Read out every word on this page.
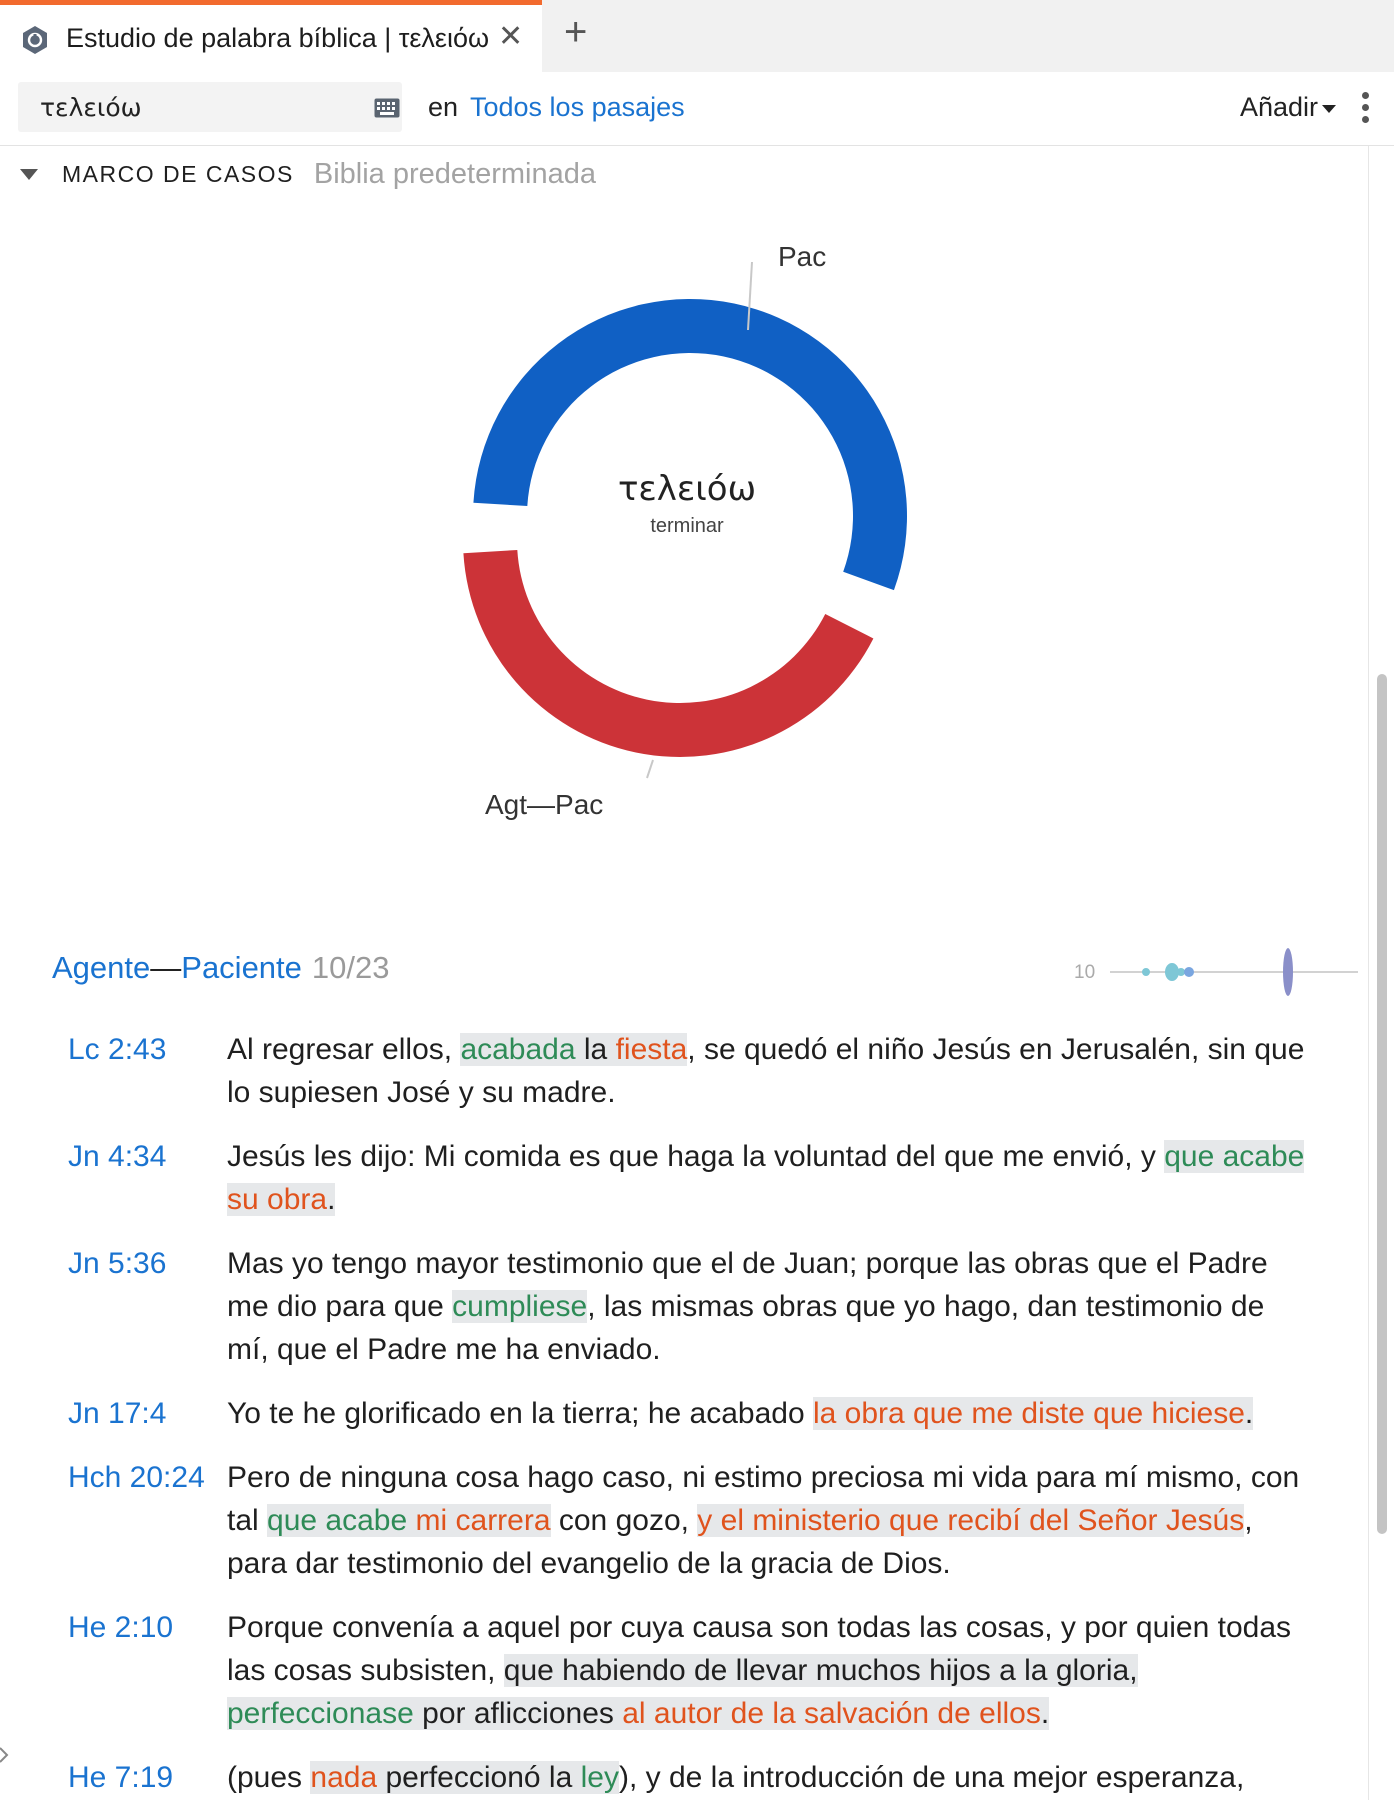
Estudio de palabra bíblica | τελειόω ✕ +
τελειόω
en Todos los pasajes	Añadir
MARCO DE CASOS Biblia predeterminada
Pac
Agt—Pac
τελειόω
terminar
Agente—Paciente 10/23	10
Lc 2:43 Al regresar ellos, acabada la fiesta, se quedó el niño Jesús en Jerusalén, sin que lo supiesen José y su madre.
Jn 4:34 Jesús les dijo: Mi comida es que haga la voluntad del que me envió, y que acabe su obra.
Jn 5:36 Mas yo tengo mayor testimonio que el de Juan; porque las obras que el Padre me dio para que cumpliese, las mismas obras que yo hago, dan testimonio de mí, que el Padre me ha enviado.
Jn 17:4 Yo te he glorificado en la tierra; he acabado la obra que me diste que hiciese.
Hch 20:24 Pero de ninguna cosa hago caso, ni estimo preciosa mi vida para mí mismo, con tal que acabe mi carrera con gozo, y el ministerio que recibí del Señor Jesús, para dar testimonio del evangelio de la gracia de Dios.
He 2:10 Porque convenía a aquel por cuya causa son todas las cosas, y por quien todas las cosas subsisten, que habiendo de llevar muchos hijos a la gloria, perfeccionase por aflicciones al autor de la salvación de ellos.
He 7:19 (pues nada perfeccionó la ley), y de la introducción de una mejor esperanza,
